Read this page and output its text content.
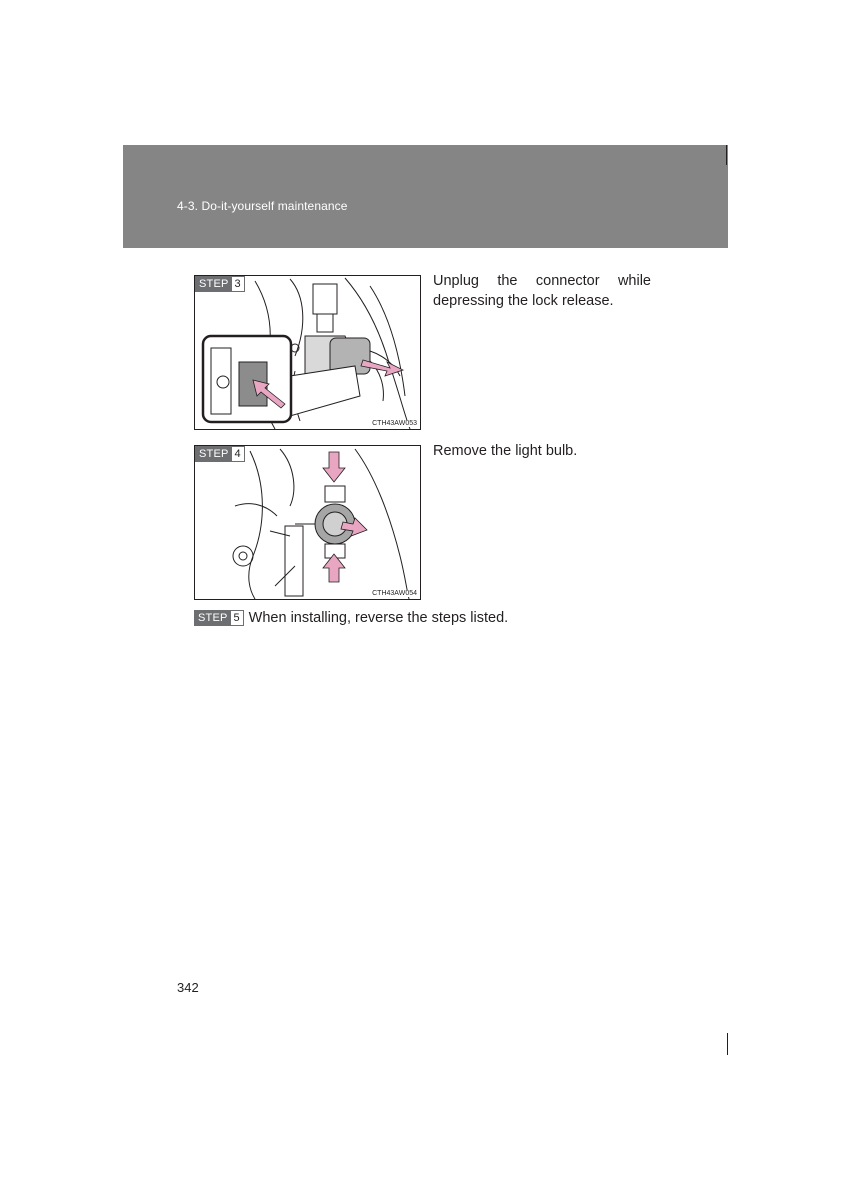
4-3. Do-it-yourself maintenance
STEP 3
CTH43AW053
Unplug the connector while
depressing the lock release.
STEP 4
CTH43AW054
Remove the light bulb.
STEP 5 When installing, reverse the steps listed.
342
